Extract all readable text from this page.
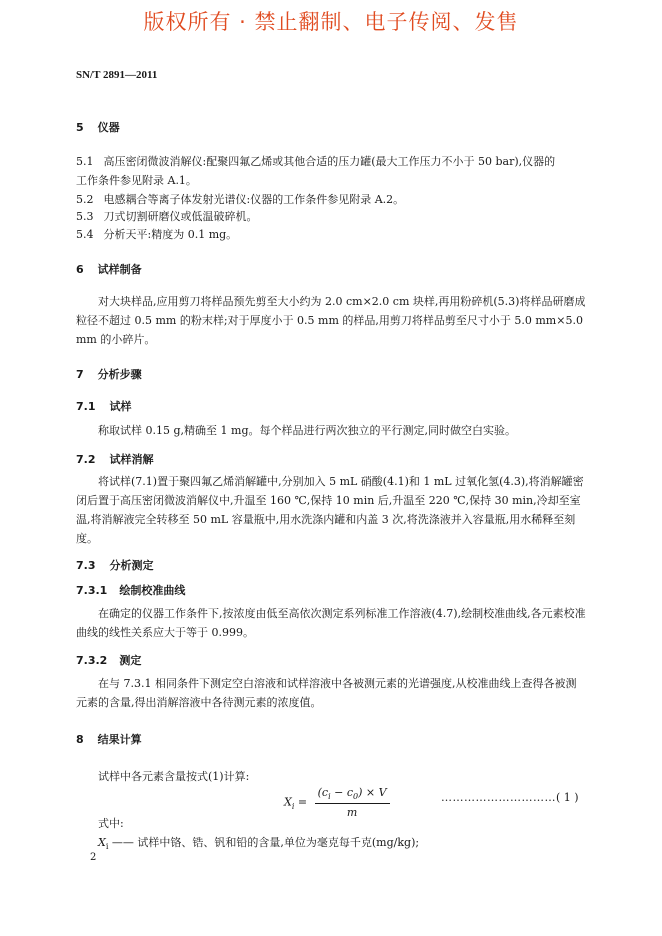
版权所有 · 禁止翻制、电子传阅、发售
SN/T 2891—2011
5 仪器
5.1 高压密闭微波消解仪:配聚四氟乙烯或其他合适的压力罐(最大工作压力不小于 50 bar),仪器的
工作条件参见附录 A.1。
5.2 电感耦合等离子体发射光谱仪:仪器的工作条件参见附录 A.2。
5.3 刀式切割研磨仪或低温破碎机。
5.4 分析天平:精度为 0.1 mg。
6 试样制备
对大块样品,应用剪刀将样品预先剪至大小约为 2.0 cm×2.0 cm 块样,再用粉碎机(5.3)将样品研磨成粒径不超过 0.5 mm 的粉末样;对于厚度小于 0.5 mm 的样品,用剪刀将样品剪至尺寸小于 5.0 mm×5.0 mm 的小碎片。
7 分析步骤
7.1 试样
称取试样 0.15 g,精确至 1 mg。每个样品进行两次独立的平行测定,同时做空白实验。
7.2 试样消解
将试样(7.1)置于聚四氟乙烯消解罐中,分别加入 5 mL 硝酸(4.1)和 1 mL 过氧化氢(4.3),将消解罐密闭后置于高压密闭微波消解仪中,升温至 160 ℃,保持 10 min 后,升温至 220 ℃,保持 30 min,冷却至室温,将消解液完全转移至 50 mL 容量瓶中,用水洗涤内罐和内盖 3 次,将洗涤液并入容量瓶,用水稀释至刻度。
7.3 分析测定
7.3.1 绘制校准曲线
在确定的仪器工作条件下,按浓度由低至高依次测定系列标准工作溶液(4.7),绘制校准曲线,各元素校准曲线的线性关系应大于等于 0.999。
7.3.2 测定
在与 7.3.1 相同条件下测定空白溶液和试样溶液中各被测元素的光谱强度,从校准曲线上查得各被测元素的含量,得出消解溶液中各待测元素的浓度值。
8 结果计算
试样中各元素含量按式(1)计算:
$X_i = \frac{(c_i - c_0) \times V}{m}$	………………………… ( 1 )
式中:
$X_i$ —— 试样中铬、锆、钒和铅的含量,单位为毫克每千克(mg/kg);
2
